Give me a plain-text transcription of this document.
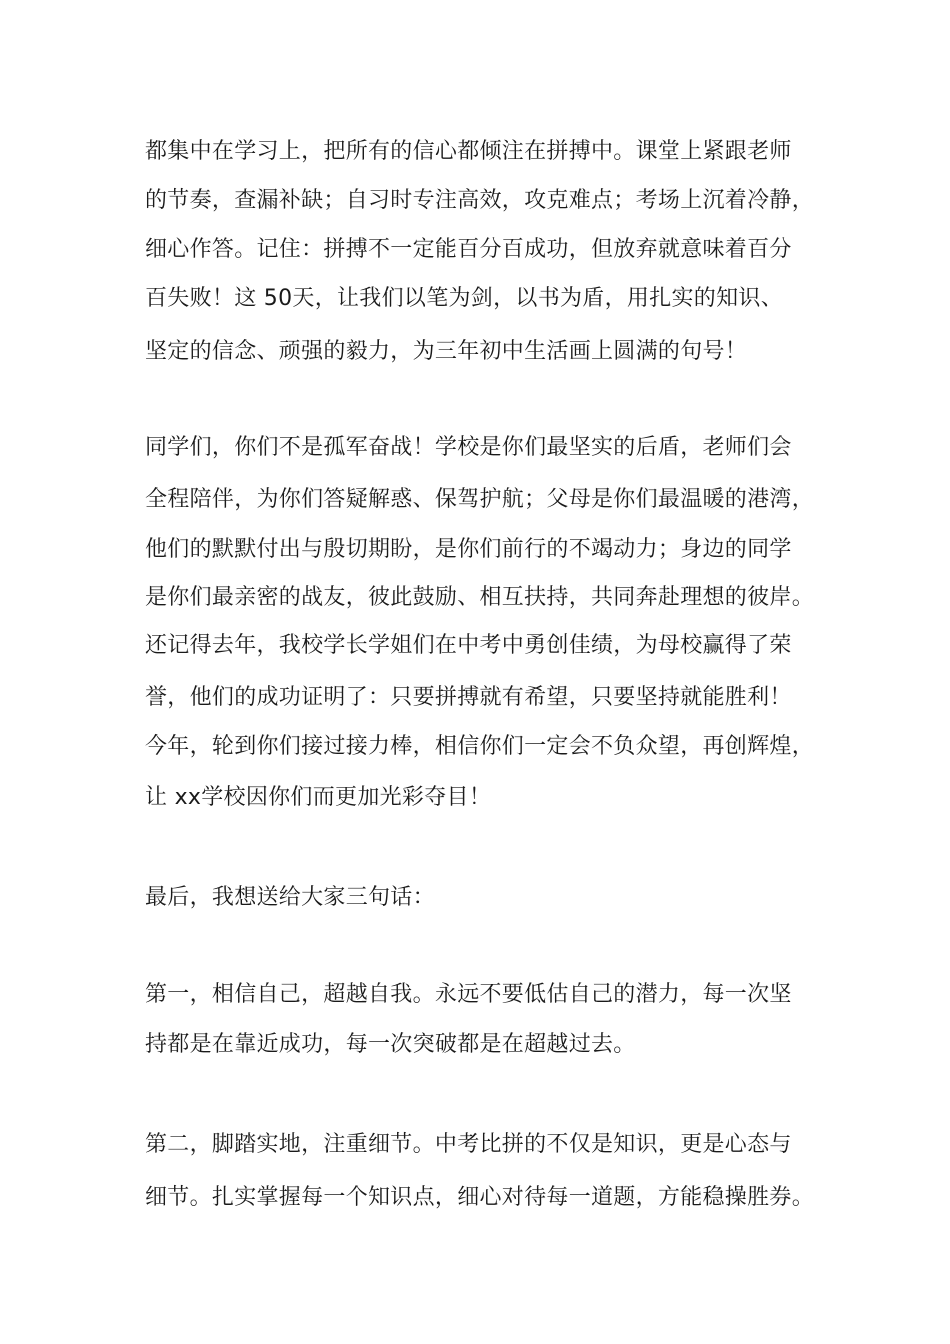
都集中在学习上，把所有的信心都倾注在拼搏中。课堂上紧跟老师
的节奏，查漏补缺；自习时专注高效，攻克难点；考场上沉着冷静，
细心作答。记住：拼搏不一定能百分百成功，但放弃就意味着百分
百失败！这 50天，让我们以笔为剑，以书为盾，用扎实的知识、
坚定的信念、顽强的毅力，为三年初中生活画上圆满的句号！
同学们，你们不是孤军奋战！学校是你们最坚实的后盾，老师们会
全程陪伴，为你们答疑解惑、保驾护航；父母是你们最温暖的港湾，
他们的默默付出与殷切期盼，是你们前行的不竭动力；身边的同学
是你们最亲密的战友，彼此鼓励、相互扶持，共同奔赴理想的彼岸。
还记得去年，我校学长学姐们在中考中勇创佳绩，为母校赢得了荣
誉，他们的成功证明了：只要拼搏就有希望，只要坚持就能胜利！
今年，轮到你们接过接力棒，相信你们一定会不负众望，再创辉煌，
让 xx学校因你们而更加光彩夺目！
最后，我想送给大家三句话：
第一，相信自己，超越自我。永远不要低估自己的潜力，每一次坚
持都是在靠近成功，每一次突破都是在超越过去。
第二，脚踏实地，注重细节。中考比拼的不仅是知识，更是心态与
细节。扎实掌握每一个知识点，细心对待每一道题，方能稳操胜券。
